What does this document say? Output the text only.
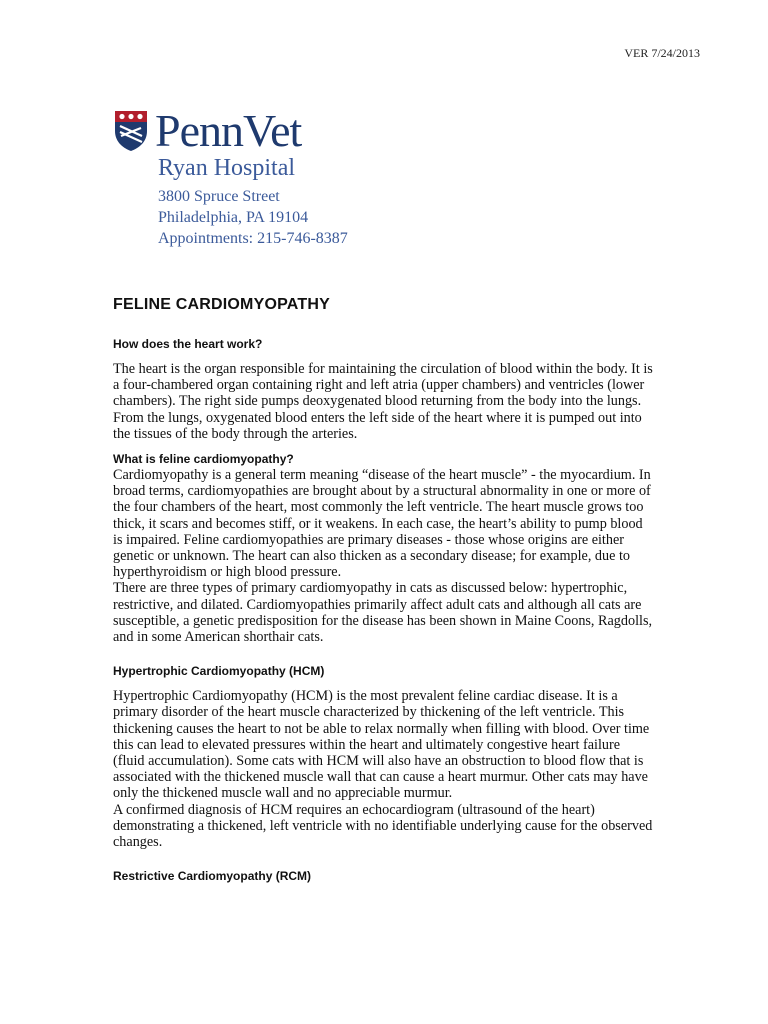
VER 7/24/2013
PennVet
Ryan Hospital
3800 Spruce Street
Philadelphia, PA 19104
Appointments: 215-746-8387
FELINE CARDIOMYOPATHY
How does the heart work?

The heart is the organ responsible for maintaining the circulation of blood within the body. It is a four-chambered organ containing right and left atria (upper chambers) and ventricles (lower chambers). The right side pumps deoxygenated blood returning from the body into the lungs. From the lungs, oxygenated blood enters the left side of the heart where it is pumped out into the tissues of the body through the arteries.

What is feline cardiomyopathy?

Cardiomyopathy is a general term meaning “disease of the heart muscle” - the myocardium. In broad terms, cardiomyopathies are brought about by a structural abnormality in one or more of the four chambers of the heart, most commonly the left ventricle. The heart muscle grows too thick, it scars and becomes stiff, or it weakens. In each case, the heart’s ability to pump blood is impaired. Feline cardiomyopathies are primary diseases - those whose origins are either genetic or unknown. The heart can also thicken as a secondary disease; for example, due to hyperthyroidism or high blood pressure.

There are three types of primary cardiomyopathy in cats as discussed below: hypertrophic, restrictive, and dilated. Cardiomyopathies primarily affect adult cats and although all cats are susceptible, a genetic predisposition for the disease has been shown in Maine Coons, Ragdolls, and in some American shorthair cats.

Hypertrophic Cardiomyopathy (HCM)

Hypertrophic Cardiomyopathy (HCM) is the most prevalent feline cardiac disease. It is a primary disorder of the heart muscle characterized by thickening of the left ventricle. This thickening causes the heart to not be able to relax normally when filling with blood. Over time this can lead to elevated pressures within the heart and ultimately congestive heart failure (fluid accumulation). Some cats with HCM will also have an obstruction to blood flow that is associated with the thickened muscle wall that can cause a heart murmur. Other cats may have only the thickened muscle wall and no appreciable murmur.

A confirmed diagnosis of HCM requires an echocardiogram (ultrasound of the heart) demonstrating a thickened, left ventricle with no identifiable underlying cause for the observed changes.

Restrictive Cardiomyopathy (RCM)
